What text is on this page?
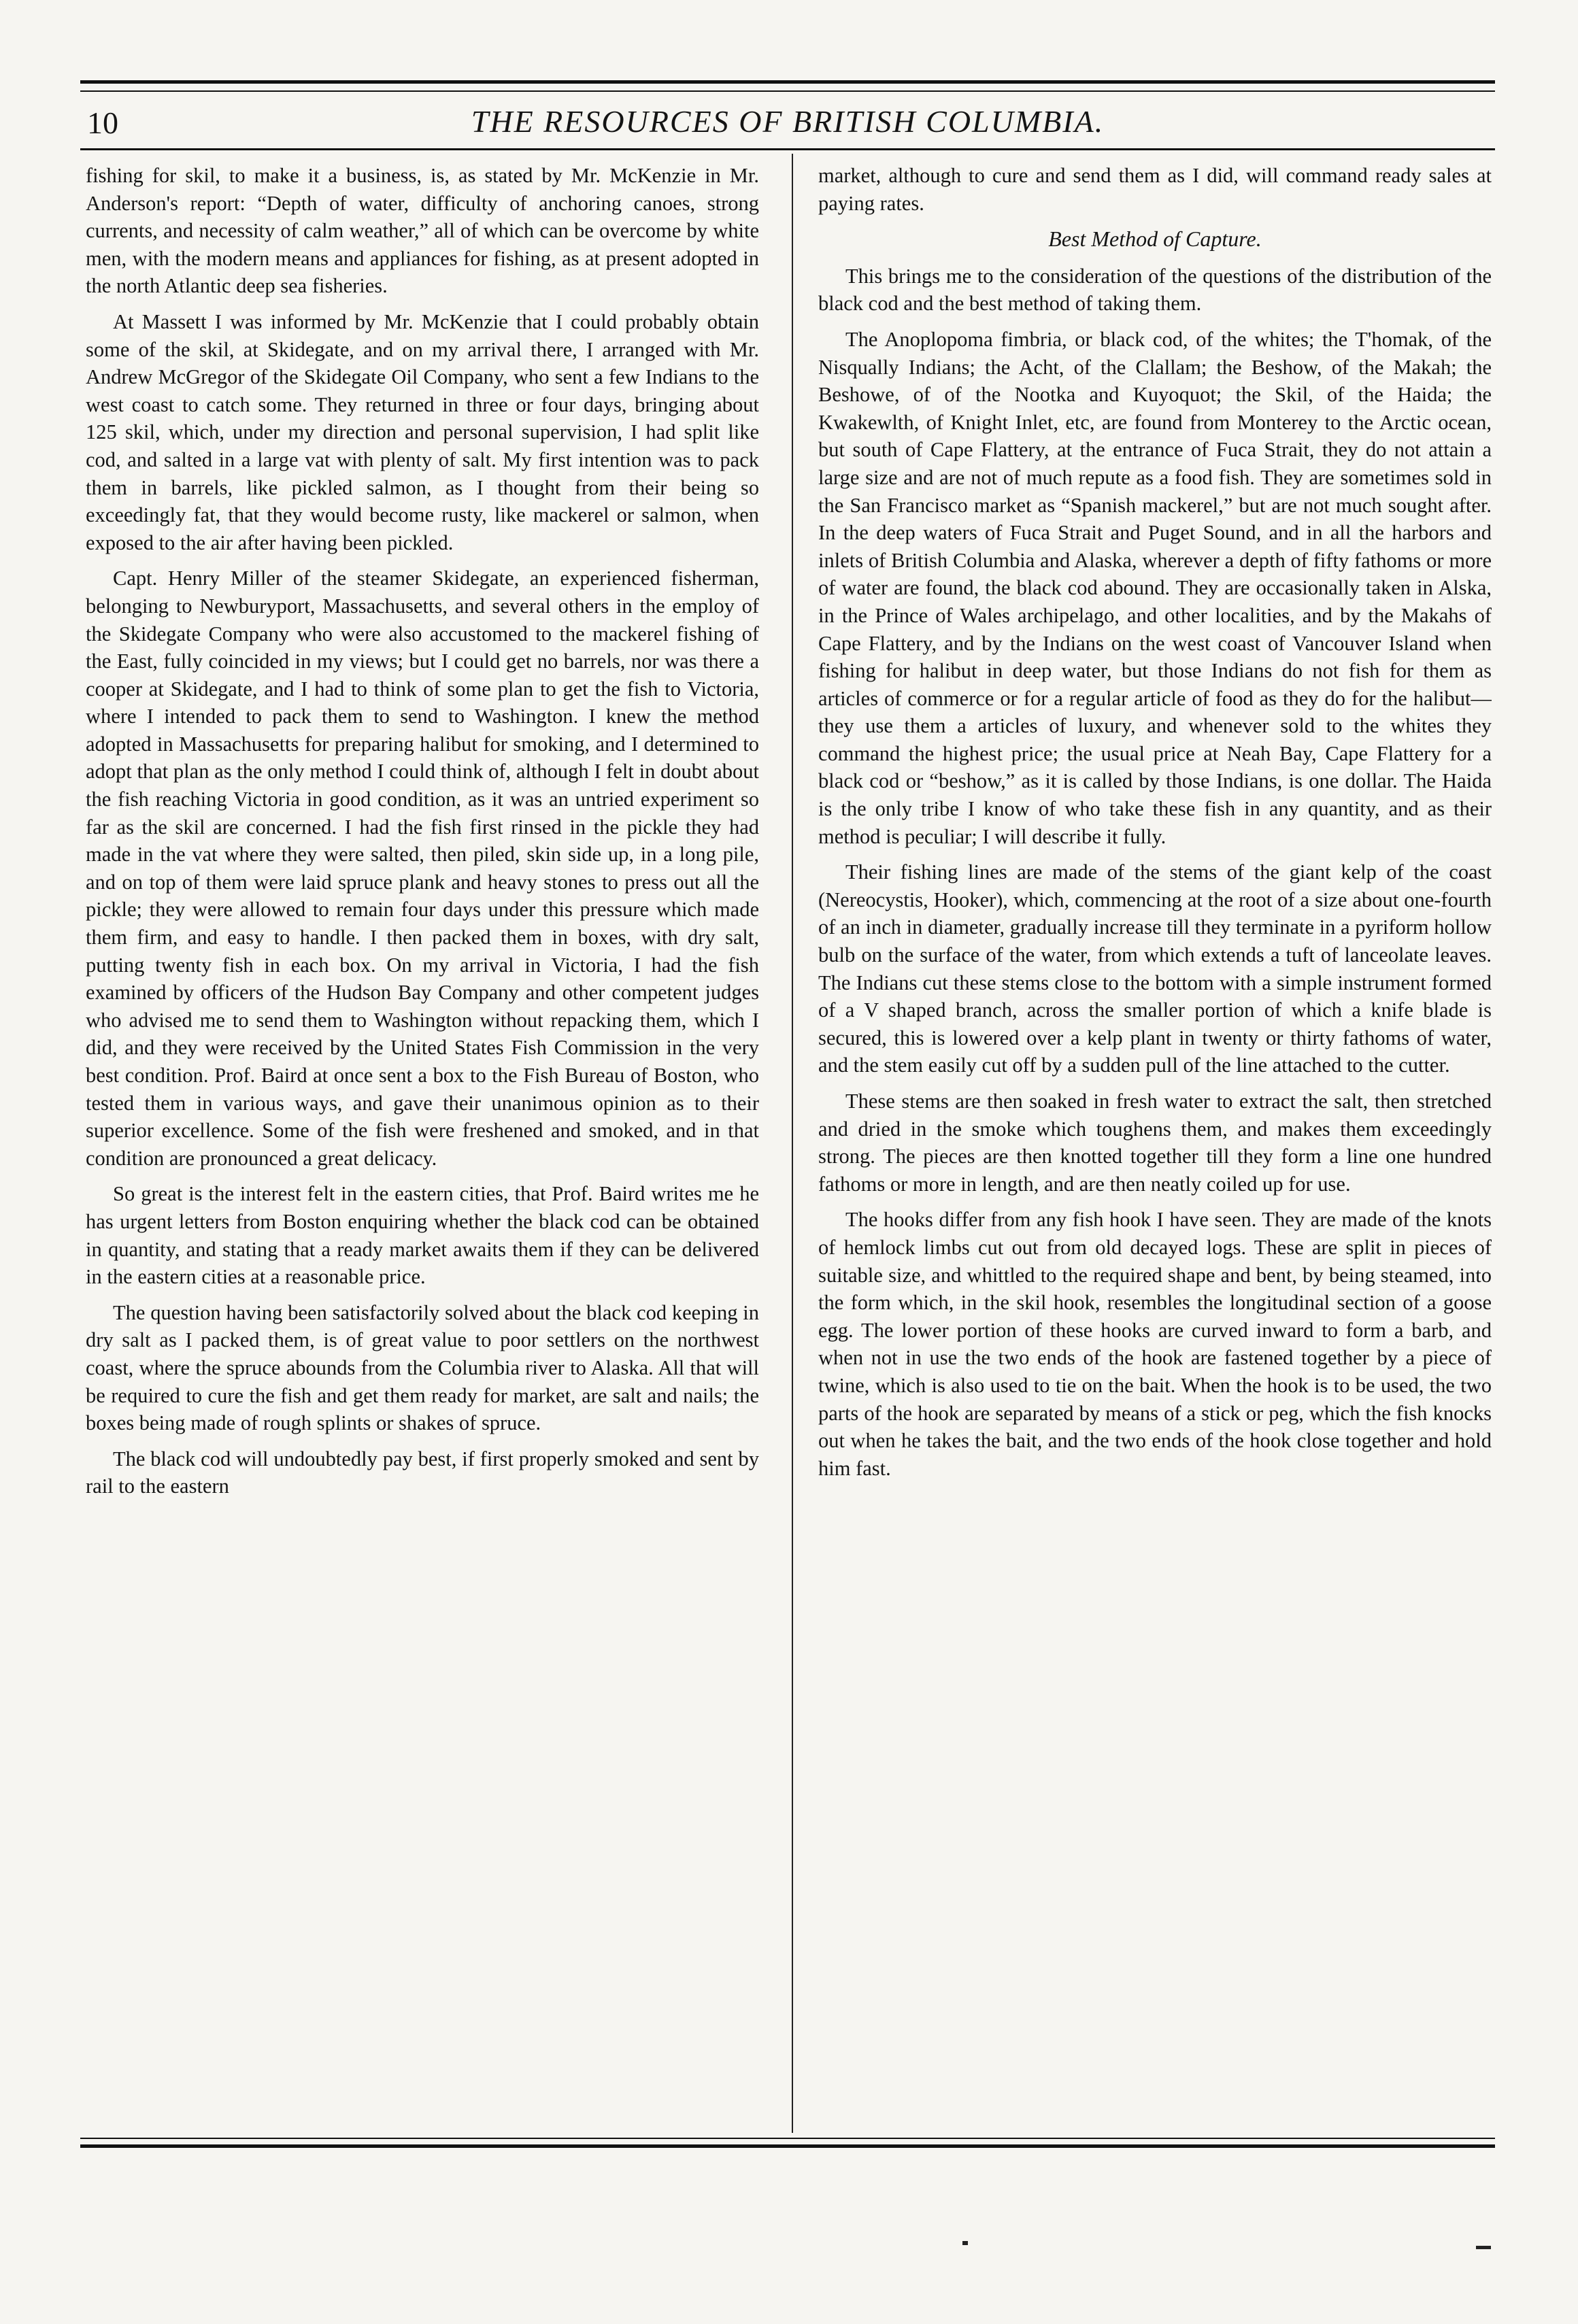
10	THE RESOURCES OF BRITISH COLUMBIA.

fishing for skil, to make it a business, is, as stated by Mr. McKenzie in Mr. Anderson's report: “Depth of water, difficulty of anchoring canoes, strong currents, and necessity of calm weather,” all of which can be overcome by white men, with the modern means and appliances for fishing, as at present adopted in the north Atlantic deep sea fisheries.

At Massett I was informed by Mr. McKenzie that I could probably obtain some of the skil, at Skidegate, and on my arrival there, I arranged with Mr. Andrew McGregor of the Skidegate Oil Company, who sent a few Indians to the west coast to catch some. They returned in three or four days, bringing about 125 skil, which, under my direction and personal supervision, I had split like cod, and salted in a large vat with plenty of salt. My first intention was to pack them in barrels, like pickled salmon, as I thought from their being so exceedingly fat, that they would become rusty, like mackerel or salmon, when exposed to the air after having been pickled.

Capt. Henry Miller of the steamer Skidegate, an experienced fisherman, belonging to Newburyport, Massachusetts, and several others in the employ of the Skidegate Company who were also accustomed to the mackerel fishing of the East, fully coincided in my views; but I could get no barrels, nor was there a cooper at Skidegate, and I had to think of some plan to get the fish to Victoria, where I intended to pack them to send to Washington. I knew the method adopted in Massachusetts for preparing halibut for smoking, and I determined to adopt that plan as the only method I could think of, although I felt in doubt about the fish reaching Victoria in good condition, as it was an untried experiment so far as the skil are concerned. I had the fish first rinsed in the pickle they had made in the vat where they were salted, then piled, skin side up, in a long pile, and on top of them were laid spruce plank and heavy stones to press out all the pickle; they were allowed to remain four days under this pressure which made them firm, and easy to handle. I then packed them in boxes, with dry salt, putting twenty fish in each box. On my arrival in Victoria, I had the fish examined by officers of the Hudson Bay Company and other competent judges who advised me to send them to Washington without repacking them, which I did, and they were received by the United States Fish Commission in the very best condition. Prof. Baird at once sent a box to the Fish Bureau of Boston, who tested them in various ways, and gave their unanimous opinion as to their superior excellence. Some of the fish were freshened and smoked, and in that condition are pronounced a great delicacy.

So great is the interest felt in the eastern cities, that Prof. Baird writes me he has urgent letters from Boston enquiring whether the black cod can be obtained in quantity, and stating that a ready market awaits them if they can be delivered in the eastern cities at a reasonable price.

The question having been satisfactorily solved about the black cod keeping in dry salt as I packed them, is of great value to poor settlers on the northwest coast, where the spruce abounds from the Columbia river to Alaska. All that will be required to cure the fish and get them ready for market, are salt and nails; the boxes being made of rough splints or shakes of spruce.

The black cod will undoubtedly pay best, if first properly smoked and sent by rail to the eastern

market, although to cure and send them as I did, will command ready sales at paying rates.

Best Method of Capture.

This brings me to the consideration of the questions of the distribution of the black cod and the best method of taking them.

The Anoplopoma fimbria, or black cod, of the whites; the T'homak, of the Nisqually Indians; the Acht, of the Clallam; the Beshow, of the Makah; the Beshowe, of of the Nootka and Kuyoquot; the Skil, of the Haida; the Kwakewlth, of Knight Inlet, etc, are found from Monterey to the Arctic ocean, but south of Cape Flattery, at the entrance of Fuca Strait, they do not attain a large size and are not of much repute as a food fish. They are sometimes sold in the San Francisco market as “Spanish mackerel,” but are not much sought after. In the deep waters of Fuca Strait and Puget Sound, and in all the harbors and inlets of British Columbia and Alaska, wherever a depth of fifty fathoms or more of water are found, the black cod abound. They are occasionally taken in Alska, in the Prince of Wales archipelago, and other localities, and by the Makahs of Cape Flattery, and by the Indians on the west coast of Vancouver Island when fishing for halibut in deep water, but those Indians do not fish for them as articles of commerce or for a regular article of food as they do for the halibut—they use them a articles of luxury, and whenever sold to the whites they command the highest price; the usual price at Neah Bay, Cape Flattery for a black cod or “beshow,” as it is called by those Indians, is one dollar. The Haida is the only tribe I know of who take these fish in any quantity, and as their method is peculiar; I will describe it fully.

Their fishing lines are made of the stems of the giant kelp of the coast (Nereocystis, Hooker), which, commencing at the root of a size about one-fourth of an inch in diameter, gradually increase till they terminate in a pyriform hollow bulb on the surface of the water, from which extends a tuft of lanceolate leaves. The Indians cut these stems close to the bottom with a simple instrument formed of a V shaped branch, across the smaller portion of which a knife blade is secured, this is lowered over a kelp plant in twenty or thirty fathoms of water, and the stem easily cut off by a sudden pull of the line attached to the cutter.

These stems are then soaked in fresh water to extract the salt, then stretched and dried in the smoke which toughens them, and makes them exceedingly strong. The pieces are then knotted together till they form a line one hundred fathoms or more in length, and are then neatly coiled up for use.

The hooks differ from any fish hook I have seen. They are made of the knots of hemlock limbs cut out from old decayed logs. These are split in pieces of suitable size, and whittled to the required shape and bent, by being steamed, into the form which, in the skil hook, resembles the longitudinal section of a goose egg. The lower portion of these hooks are curved inward to form a barb, and when not in use the two ends of the hook are fastened together by a piece of twine, which is also used to tie on the bait. When the hook is to be used, the two parts of the hook are separated by means of a stick or peg, which the fish knocks out when he takes the bait, and the two ends of the hook close together and hold him fast.
